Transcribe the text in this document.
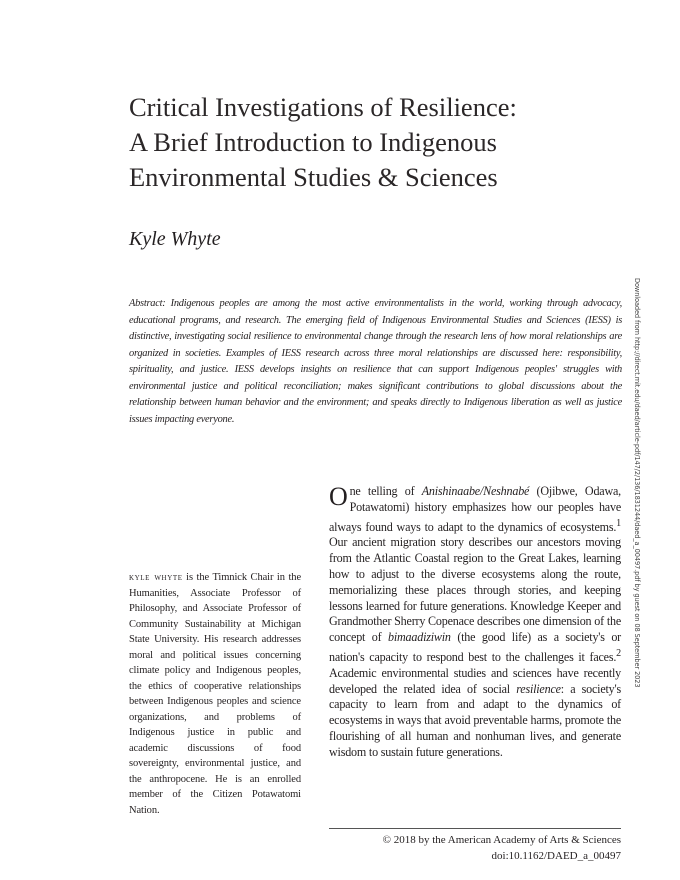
Critical Investigations of Resilience:
A Brief Introduction to Indigenous
Environmental Studies & Sciences
Kyle Whyte

Abstract: Indigenous peoples are among the most active environmentalists in the world, working through advocacy, educational programs, and research. The emerging field of Indigenous Environmental Studies and Sciences (IESS) is distinctive, investigating social resilience to environmental change through the research lens of how moral relationships are organized in societies. Examples of IESS research across three moral relationships are discussed here: responsibility, spirituality, and justice. IESS develops insights on resilience that can support Indigenous peoples' struggles with environmental justice and political reconciliation; makes significant contributions to global discussions about the relationship between human behavior and the environment; and speaks directly to Indigenous liberation as well as justice issues impacting everyone.

kyle whyte is the Timnick Chair in the Humanities, Associate Professor of Philosophy, and Associate Professor of Community Sustainability at Michigan State University. His research addresses moral and political issues concerning climate policy and Indigenous peoples, the ethics of cooperative relationships between Indigenous peoples and science organizations, and problems of Indigenous justice in public and academic discussions of food sovereignty, environmental justice, and the anthropocene. He is an enrolled member of the Citizen Potawatomi Nation.

One telling of Anishinaabe/Neshnabé (Ojibwe, Odawa, Potawatomi) history emphasizes how our peoples have always found ways to adapt to the dynamics of ecosystems.$^1$ Our ancient migration story describes our ancestors moving from the Atlantic Coastal region to the Great Lakes, learning how to adjust to the diverse ecosystems along the route, memorializing these places through stories, and keeping lessons learned for future generations. Knowledge Keeper and Grandmother Sherry Copenace describes one dimension of the concept of bimaadiziwin (the good life) as a society's or nation's capacity to respond best to the challenges it faces.$^2$ Academic environmental studies and sciences have recently developed the related idea of social resilience: a society's capacity to learn from and adapt to the dynamics of ecosystems in ways that avoid preventable harms, promote the flourishing of all human and nonhuman lives, and generate wisdom to sustain future generations.

© 2018 by the American Academy of Arts & Sciences
doi:10.1162/DAED_a_00497

Downloaded from http://direct.mit.edu/daed/article-pdf/147/2/136/1831244/daed_a_00497.pdf by guest on 08 September 2023
